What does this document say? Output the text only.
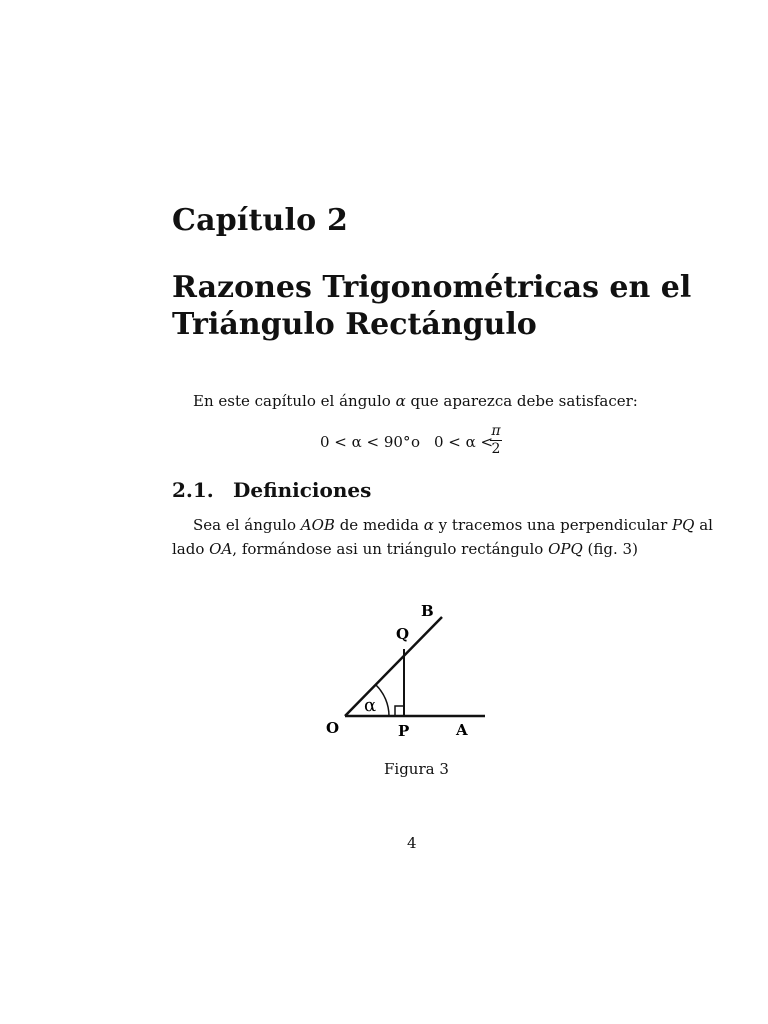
Capítulo 2
Razones Trigonométricas en el
Triángulo Rectángulo
En este capítulo el ángulo α que aparezca debe satisfacer:
0 < α < 90° o 0 < α <
π
2
2.1. Definiciones
Sea el ángulo AOB de medida α y tracemos una perpendicular PQ al
lado OA, formándose asi un triángulo rectángulo OPQ (fig. 3)
α
B
Q
O	P	A
Figura 3
4
